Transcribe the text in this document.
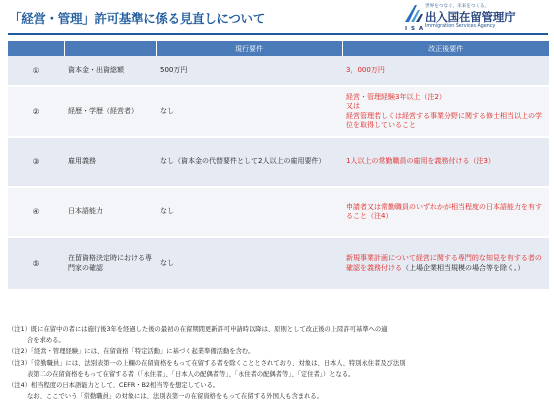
「経営・管理」許可基準に係る見直しについて
I S A
世界をつなぐ。未来をつくる。
出入国在留管理庁
Immigration Services Agency
		現行要件	改正後要件
①	資本金・出資総額	500万円	3，000万円

②	経歴・学歴（経営者）	なし	経営・管理経験3年以上（注2）
又は
経営管理若しくは経営する事業分野に関する修士相当以上の学位を取得していること

③	雇用義務	なし（資本金の代替要件として2人以上の雇用要件）	1人以上の常勤職員の雇用を義務付ける（注3）

④	日本語能力	なし	申請者又は常勤職員のいずれかが相当程度の日本語能力を有すること（注4）

⑤	在留資格決定時における専門家の確認	なし	新規事業計画について経営に関する専門的な知見を有する者の確認を義務付ける（上場企業相当規模の場合等を除く。）
（注1）既に在留中の者には施行後3年を経過した後の最初の在留期間更新許可申請時以降は、原則として改正後の上陸許可基準への適
合を求める。
（注2）「経営・管理経験」には、在留資格「特定活動」に基づく起業準備活動を含む。
（注3）「常勤職員」には、法別表第一の上欄の在留資格をもって在留する者を除くこととされており、対象は、日本人、特別永住者及び法別
表第二の在留資格をもって在留する者（「永住者」、「日本人の配偶者等」、「永住者の配偶者等」、「定住者」）となる。
（注4）相当程度の日本語能力として、CEFR・B2相当等を想定している。
なお、ここでいう「常勤職員」の対象には、法別表第一の在留資格をもって在留する外国人も含まれる。
